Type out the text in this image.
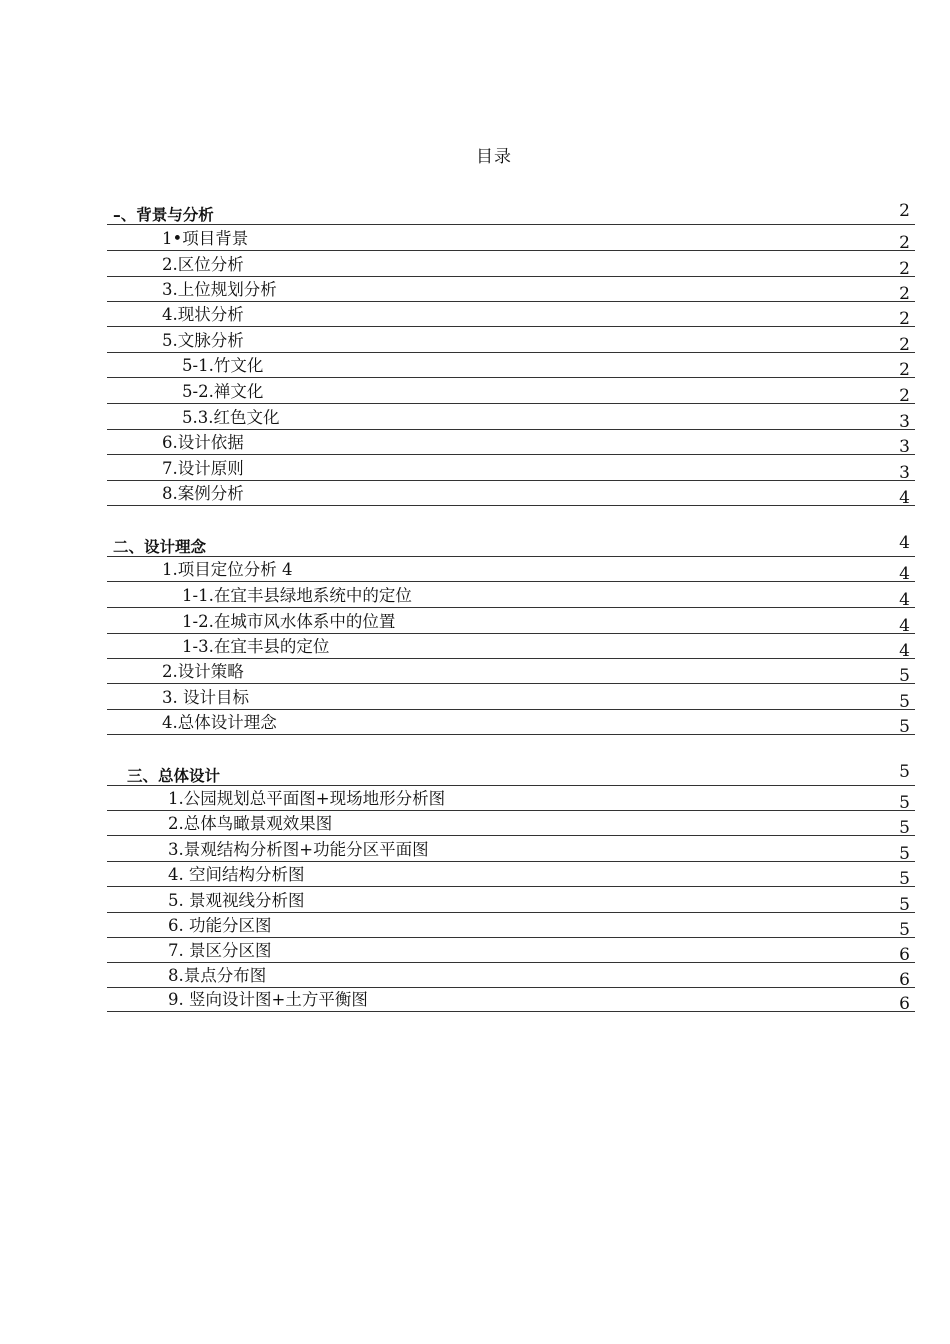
目录
–、背景与分析	2
1•项目背景	2
2.区位分析	2
3.上位规划分析	2
4.现状分析	2
5.文脉分析	2
5-1.竹文化	2
5-2.禅文化	2
5.3.红色文化	3
6.设计依据	3
7.设计原则	3
8.案例分析	4
二、设计理念	4
1.项目定位分析 4	4
1-1.在宜丰县绿地系统中的定位	4
1-2.在城市风水体系中的位置	4
1-3.在宜丰县的定位	4
2.设计策略	5
3. 设计目标	5
4.总体设计理念	5
三、总体设计	5
1.公园规划总平面图+现场地形分析图	5
2.总体鸟瞰景观效果图	5
3.景观结构分析图+功能分区平面图	5
4. 空间结构分析图	5
5. 景观视线分析图	5
6. 功能分区图	5
7. 景区分区图	6
8.景点分布图	6
9. 竖向设计图+土方平衡图	6
